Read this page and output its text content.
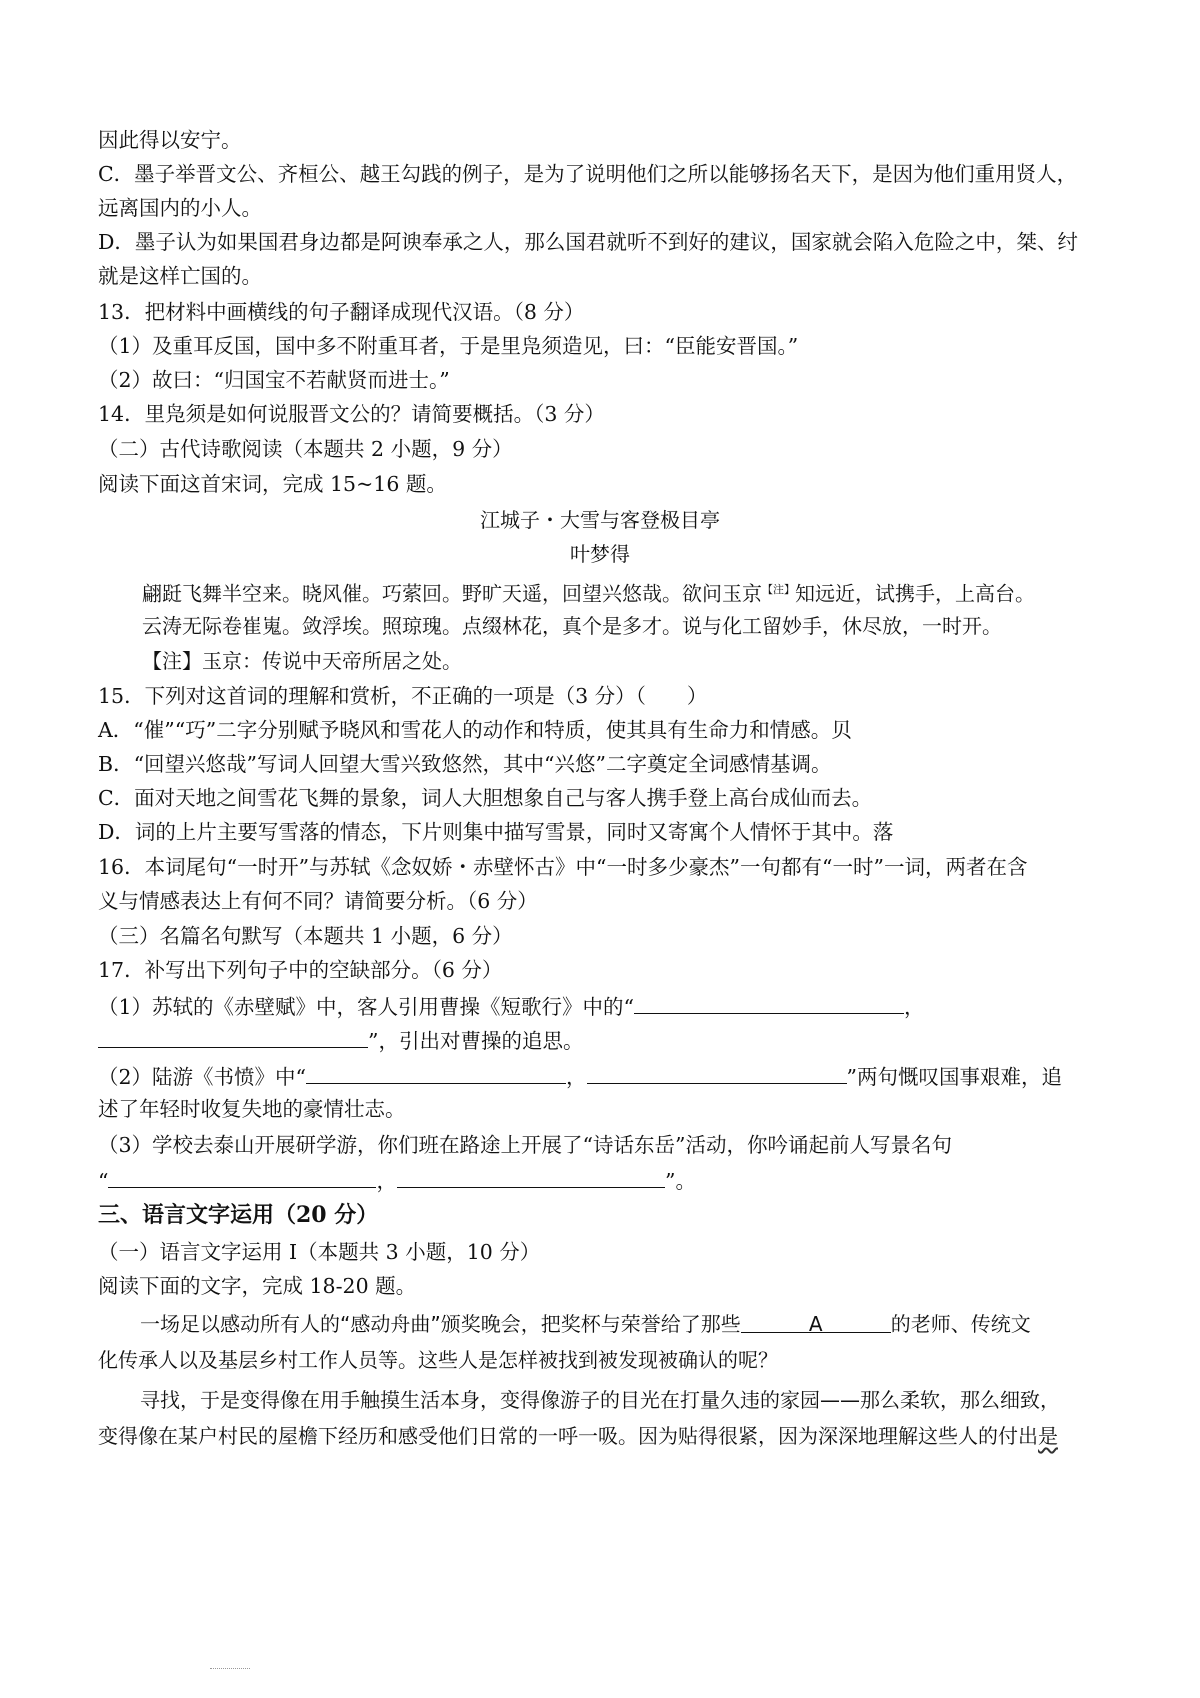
因此得以安宁。
C．墨子举晋文公、齐桓公、越王勾践的例子，是为了说明他们之所以能够扬名天下，是因为他们重用贤人，
远离国内的小人。
D．墨子认为如果国君身边都是阿谀奉承之人，那么国君就听不到好的建议，国家就会陷入危险之中，桀、纣
就是这样亡国的。
13．把材料中画横线的句子翻译成现代汉语。（8 分）
（1）及重耳反国，国中多不附重耳者，于是里凫须造见，曰：“臣能安晋国。”
（2）故曰：“归国宝不若献贤而进士。”
14．里凫须是如何说服晋文公的？请简要概括。（3 分）
（二）古代诗歌阅读（本题共 2 小题，9 分）
阅读下面这首宋词，完成 15~16 题。
江城子・大雪与客登极目亭
叶梦得
翩跹飞舞半空来。晓风催。巧萦回。野旷天遥，回望兴悠哉。欲问玉京$^{【注】}$知远近，试携手，上高台。
云涛无际卷崔嵬。敛浮埃。照琼瑰。点缀林花，真个是多才。说与化工留妙手，休尽放，一时开。
【注】玉京：传说中天帝所居之处。
15．下列对这首词的理解和赏析，不正确的一项是（3 分）（　　）
A．“催”“巧”二字分别赋予晓风和雪花人的动作和特质，使其具有生命力和情感。贝
B．“回望兴悠哉”写词人回望大雪兴致悠然，其中“兴悠”二字奠定全词感情基调。
C．面对天地之间雪花飞舞的景象，词人大胆想象自己与客人携手登上高台成仙而去。
D．词的上片主要写雪落的情态，下片则集中描写雪景，同时又寄寓个人情怀于其中。落
16．本词尾句“一时开”与苏轼《念奴娇・赤壁怀古》中“一时多少豪杰”一句都有“一时”一词，两者在含
义与情感表达上有何不同？请简要分析。（6 分）
（三）名篇名句默写（本题共 1 小题，6 分）
17．补写出下列句子中的空缺部分。（6 分）
（1）苏轼的《赤壁赋》中，客人引用曹操《短歌行》中的“	，
”，引出对曹操的追思。
（2）陆游《书愤》中“	，	”两句慨叹国事艰难，追
述了年轻时收复失地的豪情壮志。
（3）学校去泰山开展研学游，你们班在路途上开展了“诗话东岳”活动，你吟诵起前人写景名句
“	，	”。
三、语言文字运用（20 分）
（一）语言文字运用 I（本题共 3 小题，10 分）
阅读下面的文字，完成 18-20 题。
一场足以感动所有人的“感动舟曲”颁奖晚会，把奖杯与荣誉给了那些	A	的老师、传统文
化传承人以及基层乡村工作人员等。这些人是怎样被找到被发现被确认的呢？
寻找，于是变得像在用手触摸生活本身，变得像游子的目光在打量久违的家园——那么柔软，那么细致，
变得像在某户村民的屋檐下经历和感受他们日常的一呼一吸。因为贴得很紧，因为深深地理解这些人的付出是
